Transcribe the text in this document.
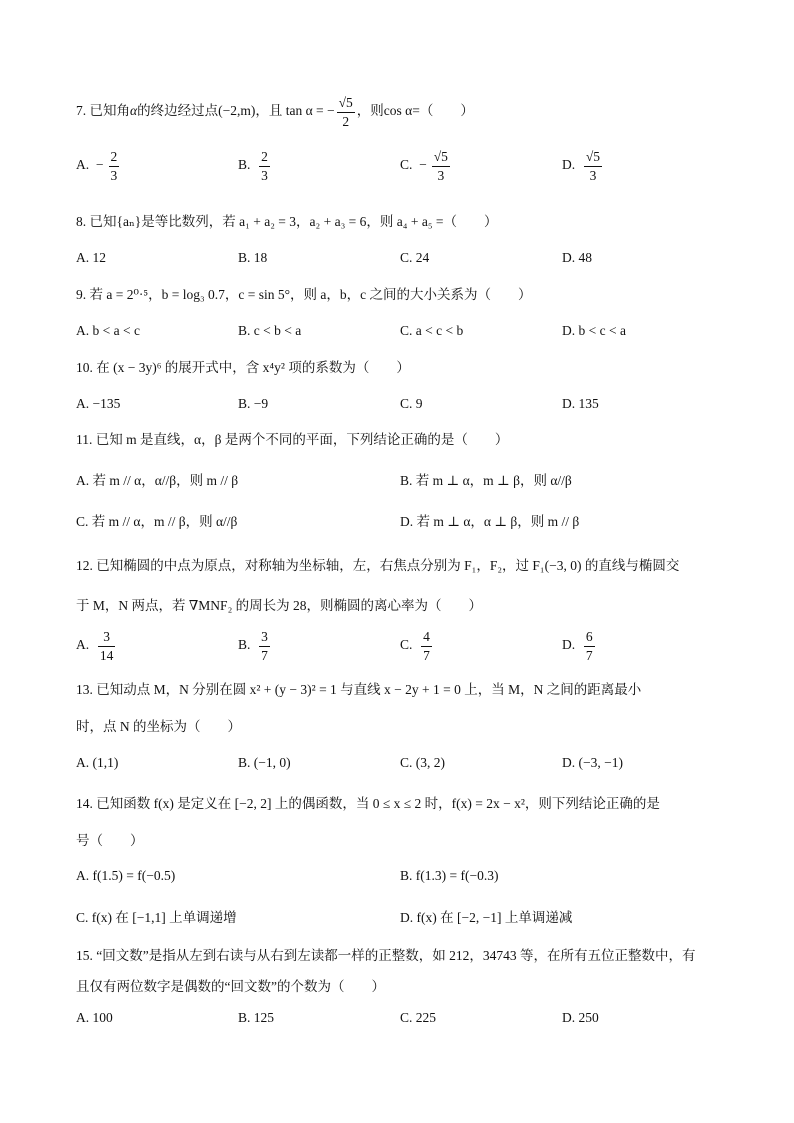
7. 已知角α的终边经过点(−2,m)，且 tan α = − $\frac{√5}{2}$ ，则cos α=（　　）
A. − $\frac{2}{3}$	B. $\frac{2}{3}$	C. − $\frac{√5}{3}$	D. $\frac{√5}{3}$
8. 已知{aₙ}是等比数列，若 a₁ + a₂ = 3，a₂ + a₃ = 6，则 a₄ + a₅ =（　　）
A. 12	B. 18	C. 24	D. 48
9. 若 a = 2⁰·⁵，b = log₃ 0.7，c = sin 5°，则 a，b，c 之间的大小关系为（　　）
A. b < a < c	B. c < b < a	C. a < c < b	D. b < c < a
10. 在 (x − 3y)⁶ 的展开式中，含 x⁴y² 项的系数为（　　）
A. −135	B. −9	C. 9	D. 135
11. 已知 m 是直线，α，β 是两个不同的平面，下列结论正确的是（　　）
A. 若 m // α，α//β，则 m // β	B. 若 m ⊥ α，m ⊥ β，则 α//β
C. 若 m // α，m // β，则 α//β	D. 若 m ⊥ α，α ⊥ β，则 m // β
12. 已知椭圆的中点为原点，对称轴为坐标轴，左，右焦点分别为 F₁，F₂，过 F₁(−3, 0) 的直线与椭圆交
于 M，N 两点，若 ∇MNF₂ 的周长为 28，则椭圆的离心率为（　　）
A. $\frac{3}{14}$	B. $\frac{3}{7}$	C. $\frac{4}{7}$	D. $\frac{6}{7}$
13. 已知动点 M，N 分别在圆 x² + (y − 3)² = 1 与直线 x − 2y + 1 = 0 上，当 M，N 之间的距离最小
时，点 N 的坐标为（　　）
A. (1,1)	B. (−1, 0)	C. (3, 2)	D. (−3, −1)
14. 已知函数 f(x) 是定义在 [−2, 2] 上的偶函数，当 0 ≤ x ≤ 2 时，f(x) = 2x − x²，则下列结论正确的是
号（　　）
A. f(1.5) = f(−0.5)	B. f(1.3) = f(−0.3)
C. f(x) 在 [−1,1] 上单调递增	D. f(x) 在 [−2, −1] 上单调递减
15. “回文数”是指从左到右读与从右到左读都一样的正整数，如 212，34743 等，在所有五位正整数中，有
且仅有两位数字是偶数的“回文数”的个数为（　　）
A. 100	B. 125	C. 225	D. 250
